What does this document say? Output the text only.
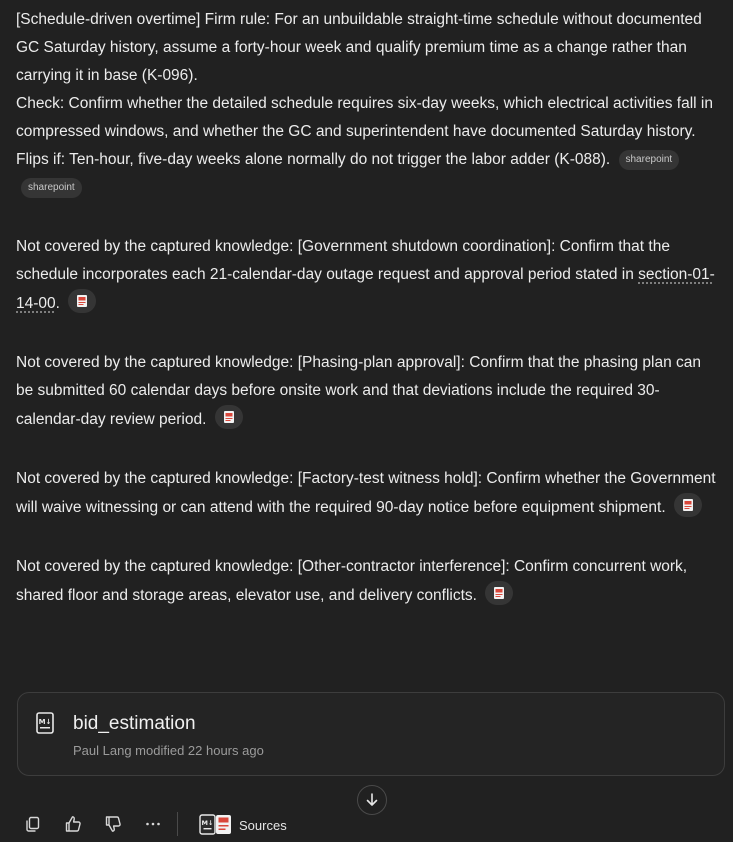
[Schedule-driven overtime] Firm rule: For an unbuildable straight-time schedule without documented GC Saturday history, assume a forty-hour week and qualify premium time as a change rather than carrying it in base (K-096).

Check: Confirm whether the detailed schedule requires six-day weeks, which electrical activities fall in compressed windows, and whether the GC and superintendent have documented Saturday history.

Flips if: Ten-hour, five-day weeks alone normally do not trigger the labor adder (K-088). sharepoint

sharepoint
Not covered by the captured knowledge: [Government shutdown coordination]: Confirm that the schedule incorporates each 21-calendar-day outage request and approval period stated in section-01-14-00.
Not covered by the captured knowledge: [Phasing-plan approval]: Confirm that the phasing plan can be submitted 60 calendar days before onsite work and that deviations include the required 30-calendar-day review period.
Not covered by the captured knowledge: [Factory-test witness hold]: Confirm whether the Government will waive witnessing or can attend with the required 90-day notice before equipment shipment.
Not covered by the captured knowledge: [Other-contractor interference]: Confirm concurrent work, shared floor and storage areas, elevator use, and delivery conflicts.
M↓ bid_estimation
Paul Lang modified 22 hours ago
M↓ Sources
